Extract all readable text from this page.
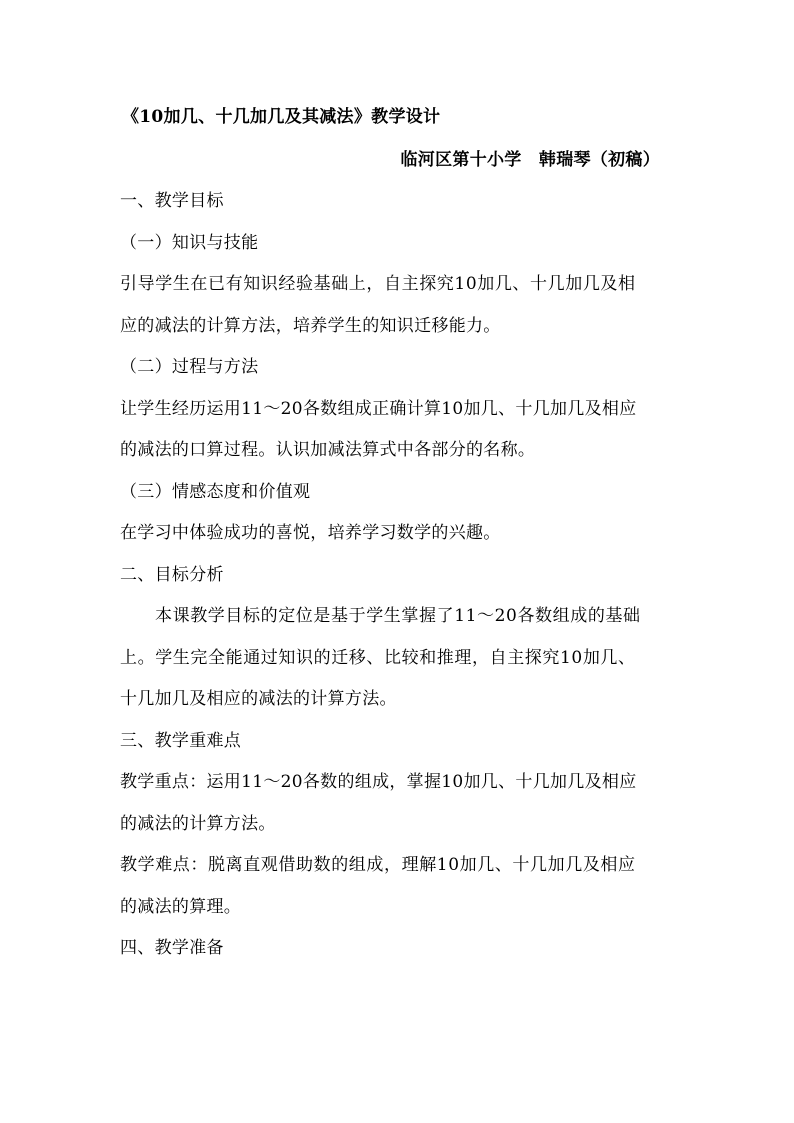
《10加几、十几加几及其减法》教学设计
临河区第十小学　韩瑞琴（初稿）
一、教学目标
（一）知识与技能
引导学生在已有知识经验基础上，自主探究10加几、十几加几及相
应的减法的计算方法，培养学生的知识迁移能力。
（二）过程与方法
让学生经历运用11～20各数组成正确计算10加几、十几加几及相应
的减法的口算过程。认识加减法算式中各部分的名称。
（三）情感态度和价值观
在学习中体验成功的喜悦，培养学习数学的兴趣。
二、目标分析
本课教学目标的定位是基于学生掌握了11～20各数组成的基础
上。学生完全能通过知识的迁移、比较和推理，自主探究10加几、
十几加几及相应的减法的计算方法。
三、教学重难点
教学重点：运用11～20各数的组成，掌握10加几、十几加几及相应
的减法的计算方法。
教学难点：脱离直观借助数的组成，理解10加几、十几加几及相应
的减法的算理。
四、教学准备
